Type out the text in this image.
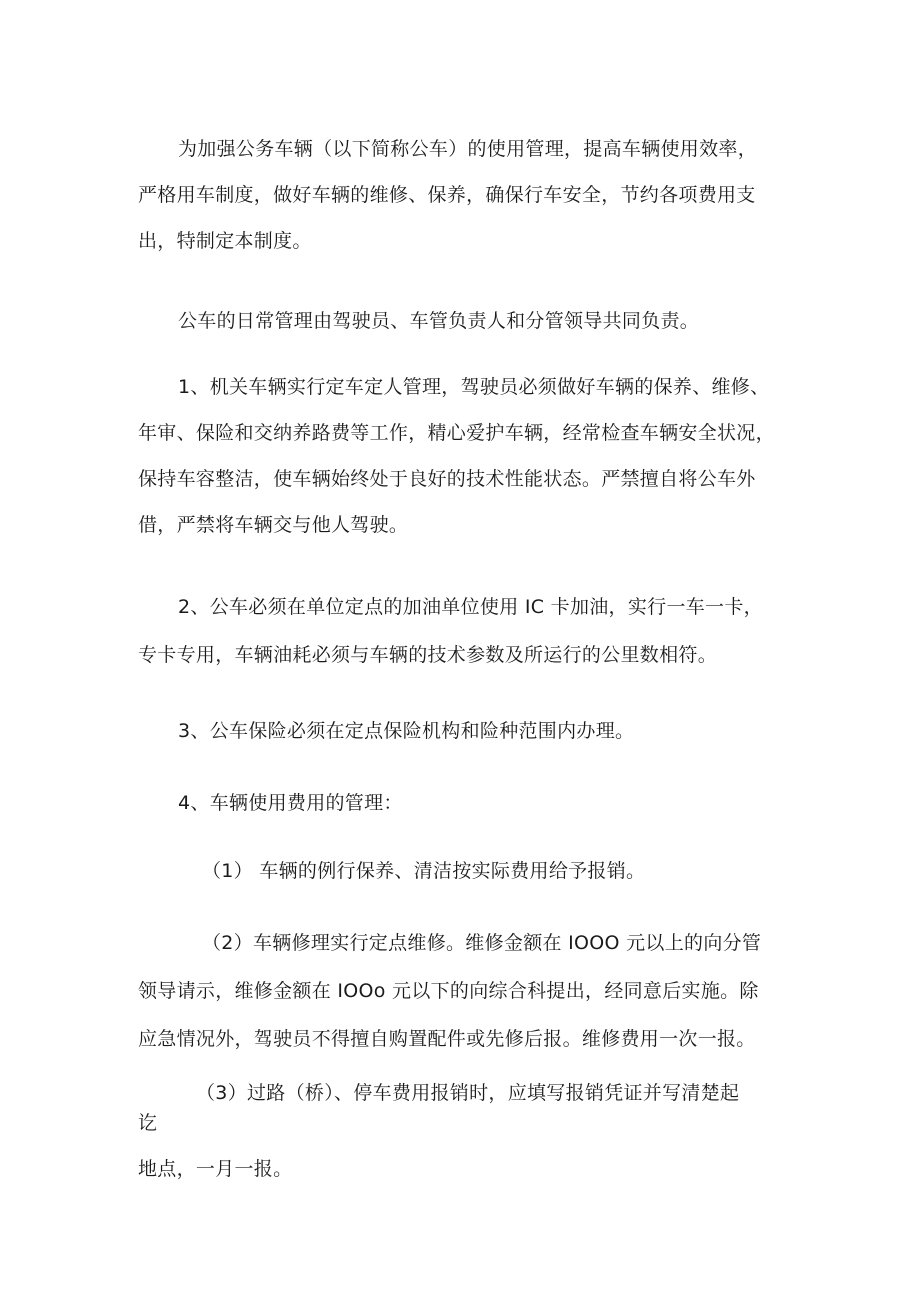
为加强公务车辆（以下简称公车）的使用管理，提高车辆使用效率，
严格用车制度，做好车辆的维修、保养，确保行车安全，节约各项费用支
出，特制定本制度。
公车的日常管理由驾驶员、车管负责人和分管领导共同负责。
1、机关车辆实行定车定人管理，驾驶员必须做好车辆的保养、维修、
年审、保险和交纳养路费等工作，精心爱护车辆，经常检查车辆安全状况，
保持车容整洁，使车辆始终处于良好的技术性能状态。严禁擅自将公车外
借，严禁将车辆交与他人驾驶。
2、公车必须在单位定点的加油单位使用 IC 卡加油，实行一车一卡，
专卡专用，车辆油耗必须与车辆的技术参数及所运行的公里数相符。
3、公车保险必须在定点保险机构和险种范围内办理。
4、车辆使用费用的管理：
（1） 车辆的例行保养、清洁按实际费用给予报销。
（2）车辆修理实行定点维修。维修金额在 IOOO 元以上的向分管
领导请示，维修金额在 IOOo 元以下的向综合科提出，经同意后实施。除
应急情况外，驾驶员不得擅自购置配件或先修后报。维修费用一次一报。
（3）过路（桥）、停车费用报销时，应填写报销凭证并写清楚起
讫
地点，一月一报。
